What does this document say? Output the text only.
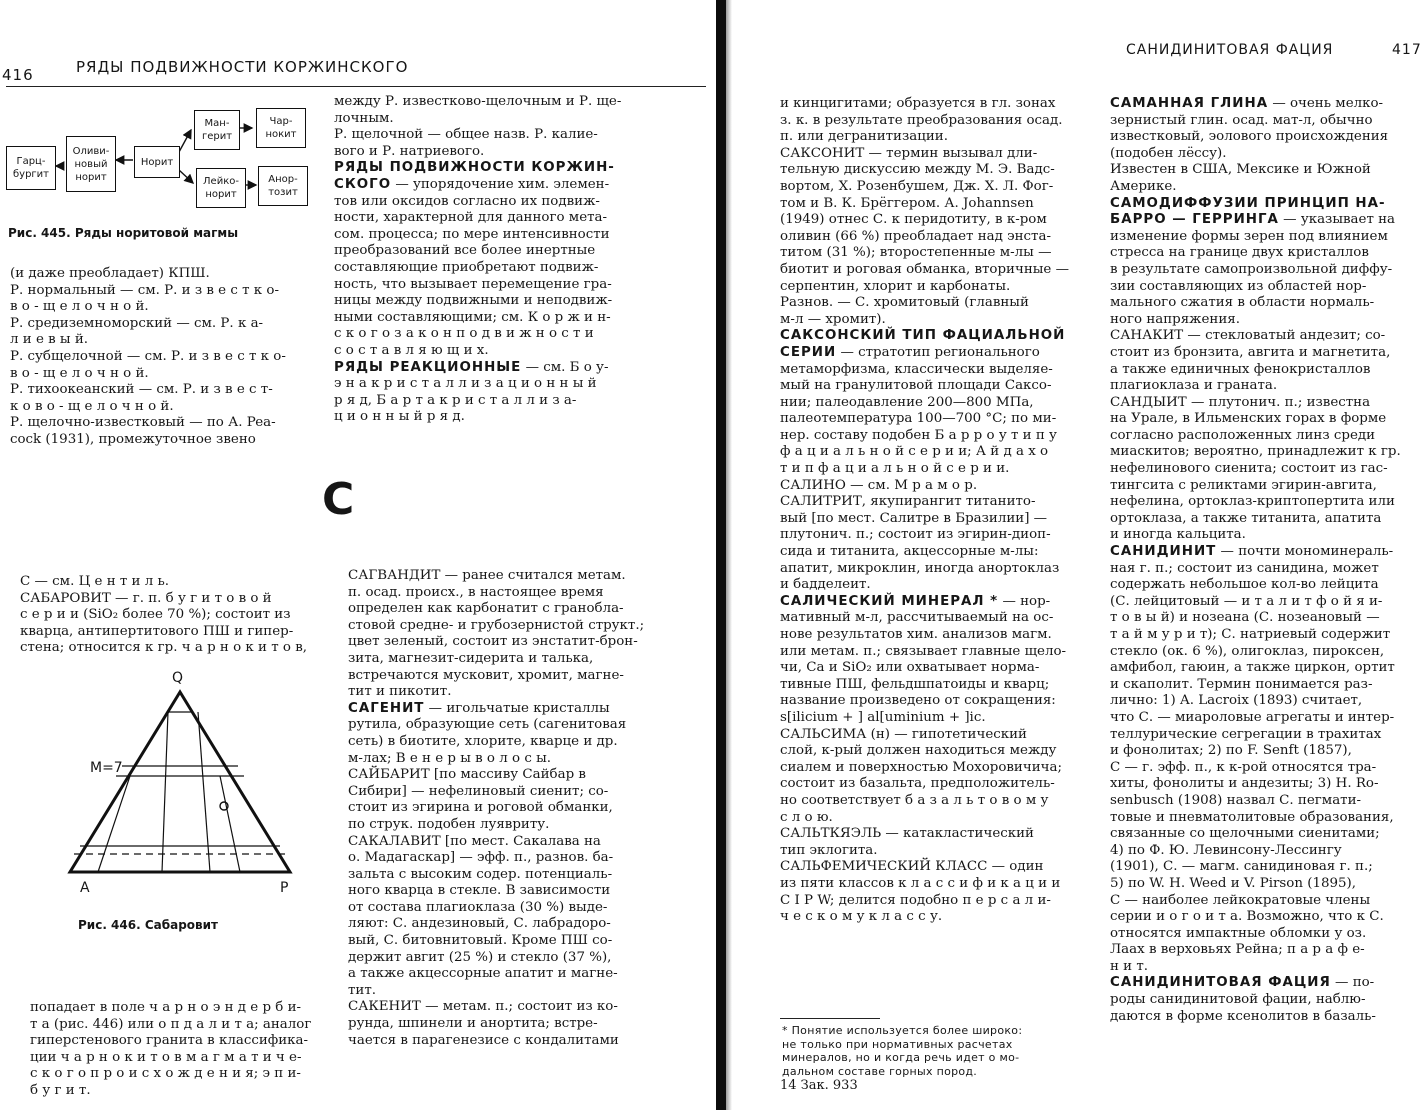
416	РЯДЫ ПОДВИЖНОСТИ КОРЖИНСКОГО
Гарц-
бургит
Оливи-
новый
норит
Норит
Ман-
герит
Лейко-
норит
Чар-
нокит
Анор-
тозит
Рис. 445. Ряды норитовой магмы
(и даже преобладает) КПШ.
Р. нормальный — см. Р. и з в е с т к о-
в о - щ е л о ч н о й.
Р. средиземноморский — см. Р. к а-
л и е в ы й.
Р. субщелочной — см. Р. и з в е с т к о-
в о - щ е л о ч н о й.
Р. тихоокеанский — см. Р. и з в е с т-
к о в о - щ е л о ч н о й.
Р. щелочно-известковый — по А. Pea-
cock (1931), промежуточное звено
между Р. известково-щелочным и Р. ще-
лочным.
Р. щелочной — общее назв. Р. калие-
вого и Р. натриевого.
РЯДЫ ПОДВИЖНОСТИ КОРЖИН-
СКОГО — упорядочение хим. элемен-
тов или оксидов согласно их подвиж-
ности, характерной для данного мета-
сом. процесса; по мере интенсивности
преобразований все более инертные
составляющие приобретают подвиж-
ность, что вызывает перемещение гра-
ницы между подвижными и неподвиж-
ными составляющими; см. К о р ж и н-
с к о г о з а к о н п о д в и ж н о с т и
с о с т а в л я ю щ и х.
РЯДЫ РЕАКЦИОННЫЕ — см. Б о у-
э н а к р и с т а л л и з а ц и о н н ы й
р я д, Б а р т а к р и с т а л л и з а-
ц и о н н ы й р я д.
С
С — см. Ц е н т и л ь.
САБАРОВИТ — г. п. б у г и т о в о й
с е р и и (SiO₂ более 70 %); состоит из
кварца, антипертитового ПШ и гипер-
стена; относится к гр. ч а р н о к и т о в,
Q
M=7
A	P
Рис. 446. Сабаровит
попадает в поле ч а р н о э н д е р б и-
т а (рис. 446) или о п д а л и т а; аналог
гиперстенового гранита в классифика-
ции ч а р н о к и т о в м а г м а т и ч е-
с к о г о п р о и с х о ж д е н и я; э п и-
б у г и т.
САГВАНДИТ — ранее считался метам.
п. осад. происх., в настоящее время
определен как карбонатит с гранобла-
стовой средне- и грубозернистой структ.;
цвет зеленый, состоит из энстатит-брон-
зита, магнезит-сидерита и талька,
встречаются мусковит, хромит, магне-
тит и пикотит.
САГЕНИТ — игольчатые кристаллы
рутила, образующие сеть (сагенитовая
сеть) в биотите, хлорите, кварце и др.
м-лах; В е н е р ы в о л о с ы.
САЙБАРИТ [по массиву Сайбар в
Сибири] — нефелиновый сиенит; со-
стоит из эгирина и роговой обманки,
по струк. подобен луявриту.
САКАЛАВИТ [по мест. Сакалава на
о. Мадагаскар] — эфф. п., разнов. ба-
зальта с высоким содер. потенциаль-
ного кварца в стекле. В зависимости
от состава плагиоклаза (30 %) выде-
ляют: С. андезиновый, С. лабрадоро-
вый, С. битовнитовый. Кроме ПШ со-
держит авгит (25 %) и стекло (37 %),
а также акцессорные апатит и магне-
тит.
САКЕНИТ — метам. п.; состоит из ко-
рунда, шпинели и анортита; встре-
чается в парагенезисе с кондалитами
САНИДИНИТОВАЯ ФАЦИЯ	417
и кинцигитами; образуется в гл. зонах
з. к. в результате преобразования осад.
п. или дегранитизации.
САКСОНИТ — термин вызывал дли-
тельную дискуссию между М. Э. Вадс-
вортом, Х. Розенбушем, Дж. Х. Л. Фог-
том и В. К. Брёггером. А. Johannsen
(1949) отнес С. к перидотиту, в к-ром
оливин (66 %) преобладает над энста-
титом (31 %); второстепенные м-лы —
биотит и роговая обманка, вторичные —
серпентин, хлорит и карбонаты.
Разнов. — С. хромитовый (главный
м-л — хромит).
САКСОНСКИЙ ТИП ФАЦИАЛЬНОЙ
СЕРИИ — стратотип регионального
метаморфизма, классически выделяе-
мый на гранулитовой площади Саксо-
нии; палеодавление 200—800 МПа,
палеотемпература 100—700 °С; по ми-
нер. составу подобен Б а р р о у т и п у
ф а ц и а л ь н о й с е р и и; А й д а х о
т и п ф а ц и а л ь н о й с е р и и.
САЛИНО — см. М р а м о р.
САЛИТРИТ, якупирангит титанито-
вый [по мест. Салитре в Бразилии] —
плутонич. п.; состоит из эгирин-диоп-
сида и титанита, акцессорные м-лы:
апатит, микроклин, иногда анортоклаз
и бадделеит.
САЛИЧЕСКИЙ МИНЕРАЛ * — нор-
мативный м-л, рассчитываемый на ос-
нове результатов хим. анализов магм.
или метам. п.; связывает главные щело-
чи, Са и SiO₂ или охватывает норма-
тивные ПШ, фельдшпатоиды и кварц;
название произведено от сокращения:
s[ilicium + ] al[uminium + ]ic.
САЛЬСИМА (н) — гипотетический
слой, к-рый должен находиться между
сиалем и поверхностью Мохоровичича;
состоит из базальта, предположитель-
но соответствует б а з а л ь т о в о м у
с л о ю.
САЛЬТКЯЭЛЬ — катакластический
тип эклогита.
САЛЬФЕМИЧЕСКИЙ КЛАСС — один
из пяти классов к л а с с и ф и к а ц и и
C I P W; делится подобно п е р с а л и-
ч е с к о м у к л а с с у.
* Понятие используется более широко:
не только при нормативных расчетах
минералов, но и когда речь идет о мо-
дальном составе горных пород.
14 Зак. 933
САМАННАЯ ГЛИНА — очень мелко-
зернистый глин. осад. мат-л, обычно
известковый, эолового происхождения
(подобен лёссу).
Известен в США, Мексике и Южной
Америке.
САМОДИФФУЗИИ ПРИНЦИП НА-
БАРРО — ГЕРРИНГА — указывает на
изменение формы зерен под влиянием
стресса на границе двух кристаллов
в результате самопроизвольной диффу-
зии составляющих из областей нор-
мального сжатия в области нормаль-
ного напряжения.
САНАКИТ — стекловатый андезит; со-
стоит из бронзита, авгита и магнетита,
а также единичных фенокристаллов
плагиоклаза и граната.
САНДЫИТ — плутонич. п.; известна
на Урале, в Ильменских горах в форме
согласно расположенных линз среди
миаскитов; вероятно, принадлежит к гр.
нефелинового сиенита; состоит из гас-
тингсита с реликтами эгирин-авгита,
нефелина, ортоклаз-криптопертита или
ортоклаза, а также титанита, апатита
и иногда кальцита.
САНИДИНИТ — почти мономинераль-
ная г. п.; состоит из санидина, может
содержать небольшое кол-во лейцита
(С. лейцитовый — и т а л и т ф о й я и-
т о в ы й) и нозеана (С. нозеановый —
т а й м у р и т); С. натриевый содержит
стекло (ок. 6 %), олигоклаз, пироксен,
амфибол, гаюин, а также циркон, ортит
и скаполит. Термин понимается раз-
лично: 1) A. Lacroix (1893) считает,
что С. — миароловые агрегаты и интер-
теллурические сегрегации в трахитах
и фонолитах; 2) по F. Senft (1857),
С — г. эфф. п., к к-рой относятся тра-
хиты, фонолиты и андезиты; 3) H. Ro-
senbusch (1908) назвал С. пегмати-
товые и пневматолитовые образования,
связанные со щелочными сиенитами;
4) по Ф. Ю. Левинсону-Лессингу
(1901), С. — магм. санидиновая г. п.;
5) по W. H. Weed и V. Pirson (1895),
С — наиболее лейкократовые члены
серии и о г о и т а. Возможно, что к С.
относятся импактные обломки у оз.
Лаах в верховьях Рейна; п а р а ф е-
н и т.
САНИДИНИТОВАЯ ФАЦИЯ — по-
роды санидинитовой фации, наблю-
даются в форме ксенолитов в базаль-
